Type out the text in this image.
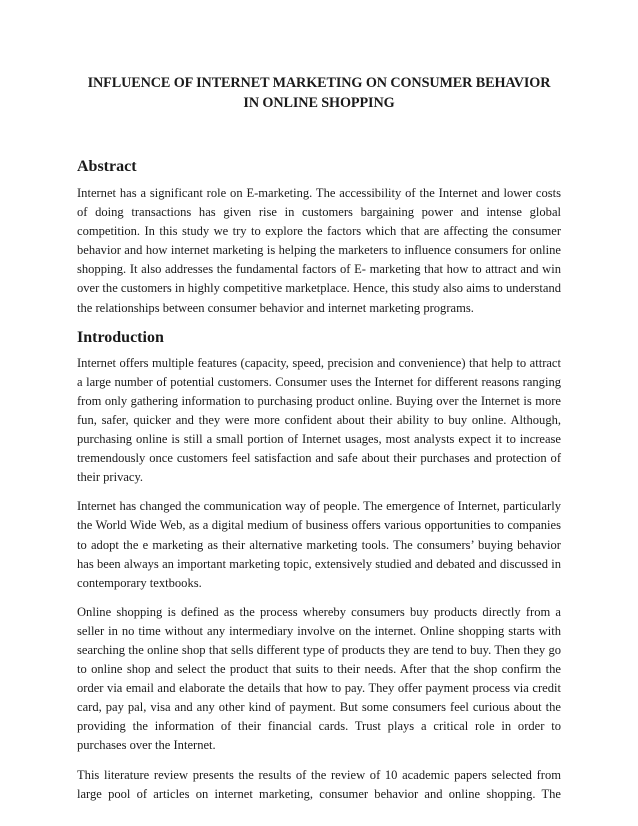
INFLUENCE OF INTERNET MARKETING ON CONSUMER BEHAVIOR
IN ONLINE SHOPPING
Abstract

Internet has a significant role on E-marketing. The accessibility of the Internet and lower costs of doing transactions has given rise in customers bargaining power and intense global competition. In this study we try to explore the factors which that are affecting the consumer behavior and how internet marketing is helping the marketers to influence consumers for online shopping. It also addresses the fundamental factors of E- marketing that how to attract and win over the customers in highly competitive marketplace. Hence, this study also aims to understand the relationships between consumer behavior and internet marketing programs.

Introduction

Internet offers multiple features (capacity, speed, precision and convenience) that help to attract a large number of potential customers. Consumer uses the Internet for different reasons ranging from only gathering information to purchasing product online. Buying over the Internet is more fun, safer, quicker and they were more confident about their ability to buy online. Although, purchasing online is still a small portion of Internet usages, most analysts expect it to increase tremendously once customers feel satisfaction and safe about their purchases and protection of their privacy.

Internet has changed the communication way of people. The emergence of Internet, particularly the World Wide Web, as a digital medium of business offers various opportunities to companies to adopt the e marketing as their alternative marketing tools. The consumers’ buying behavior has been always an important marketing topic, extensively studied and debated and discussed in contemporary textbooks.

Online shopping is defined as the process whereby consumers buy products directly from a seller in no time without any intermediary involve on the internet. Online shopping starts with searching the online shop that sells different type of products they are tend to buy. Then they go to online shop and select the product that suits to their needs. After that the shop confirm the order via email and elaborate the details that how to pay. They offer payment process via credit card, pay pal, visa and any other kind of payment. But some consumers feel curious about the providing the information of their financial cards. Trust plays a critical role in order to purchases over the Internet.

This literature review presents the results of the review of 10 academic papers selected from large pool of articles on internet marketing, consumer behavior and online shopping. The
